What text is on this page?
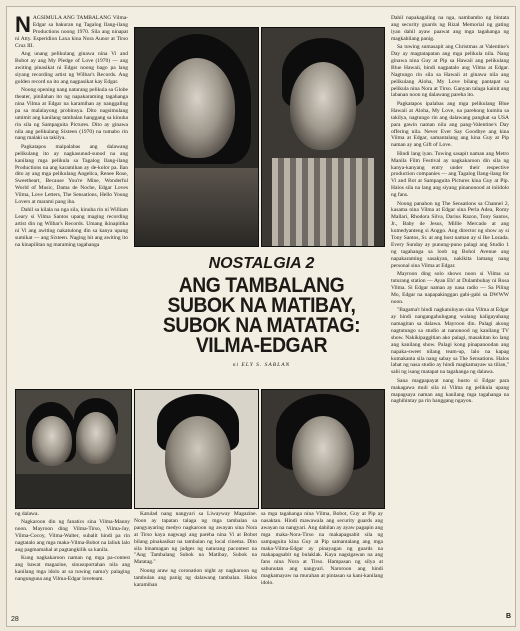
NAGSIMULA ANG TAMBALANG Vilma-Edgar sa bakuran ng Tagalog Ilang-ilang Productions noong 1970. Sila ang ninapat ni Atty. Esperidion Laxa kina Nora Aunor at Tirso Cruz III.

Ang unang pelikulang ginawa nina Vi and Bobot ay ang My Pledge of Love (1970) — ang awiting pinasikat ni Edgar noong bago pa lang siyang recording artist ng Wilbar's Records. Ang golden record na ito ang nagpasikat kay Edgar.

Noong opening nang naturang pelikula sa Globe theater, pinilahan ito ng napakaraming tagahanga nina Vilma at Edgar na karamihan ay nanggaling pa sa malalayong probinsya. Dito nagsimulang umimit ang kanilang tambalan hanggang sa kinuha rin sila ng Sampaguita Pictures. Dito ay ginawa nila ang pelikulang Sixteen (1970) na tumabo rin nang malaki sa takilya.

Pagkatapos maipalabas ang dalawang pelikulang ito ay nagkasunud-sunod na ang kanilang mga pelikula sa Tagalog Ilang-ilang Productions na ang karamihan ay de-kolor pa. Ilan dito ay ang mga pelikulang Angelica, Renee Rose, Sweetheart, Because You're Mine, Wonderful World of Music, Dama de Noche, Edgar Loves Vilma, Love Letters, The Sensations, Hello Young Lovers at marami pang iba.

Dahil sa kilala na nga sila, kinuha rin ni William Leary si Vilma Santos upang maging recording artist din ng Wilbar's Records. Umang ikinapitika ni Vi ang awiting nakatulong din sa kanya upang sumikat — ang Sixteen. Naging hit ang awiting ito na kinapilitan ng maraming tagahanga

NOSTALGIA 2
ANG TAMBALANG
SUBOK NA MATIBAY,
SUBOK NA MATATAG:
VILMA-EDGAR
ni ELY S. SABLAN

Dahil napakagaling na nga, nambambo ng bintata ang security guards ng Rizal Memorial ng gating iyan dahil ayaw paawat ang mga tagahanga ng magkabilang panig.

Sa tuwing sumasapit ang Christmas at Valentine's Day ay magtatapatan ang mga pelikula nila. Nang ginawa nina Guy at Pip sa Hawaii ang pelikulang Blue Hawaii, hindi nagpatalo ang Vilma at Edgar. Nagtungo rin sila sa Hawaii at ginawa nila ang pelikulang Aloha, My Love bilang pantapat sa pelikula nina Nora at Tirso. Ganyan talaga kainit ang labanan noon ng dalawang pareha ito.

Pagkatapos ipalabas ang mga pelikulang Blue Hawaii at Aloha, My Love, na parehong kumita sa takilya, nagtungo rin ang dalawang pangkat sa USA para gawin naman nila ang pang-Valentine's Day offering nila. Never Ever Say Goodbye ang kina Vilma at Edgar, samantalang ang kina Guy at Pip naman ay ang Gift of Love.

Hindi lang iyan. Tuwing sasapit naman ang Metro Manila Film Festival ay nagkakaroon din sila ng kanya-kanyang entry under their respective production companies — ang Tagalog Ilang-ilang for Vi and Bot at Sampaguita Pictures kina Guy at Pip. Halos sila na lang ang siyang pinanonood at iniidolo ng fans.

Noong panahon ng The Sensations sa Channel 2, kasama nina Vilma at Edgar sina Perla Adea, Romy Mallari, Rhodora Silva, Darius Razon, Tony Santos, Jr., Baby de Jesus, Millie Mercado at ang kumedyanteng si Anggo. Ang director ng show ay si Tony Santos, Sr. at ang host naman ay si Ike Lozada. Every Sunday ay punung-puno palagi ang Studio 1 ng tagahanga sa loob ng Bohol Avenue ang napakaraming sasakyan, nakikita lamang nang personal sina Vilma at Edgar.

Mayroon ding solo shows noon si Vilma sa tuturang station — Ayan Eh! at Dulambuhay ni Rosa Vilma. Si Edgar naman ay nasa radio — Sa Piling Mo, Edgar na napapakinggan gabi-gabi sa DWWW noon.

"Bagama't hindi nagkatuluyan sina Vilma at Edgar ay hindi nangangahulugang walang kaligayahang namagitan sa dalawa. Mayroon din. Palagi akong nagtutungo sa studio at nanonood ng kanilang TV show. Nakikipaggitian ako palagi, masakitan ko lang ang kanilang show. Palagi kong pinapanoodan ang napaka-sweet nilang team-up, lalo na kapag kumakanta sila nang sabay sa The Sensations. Halos lahat ng nasa studio ay hindi magkamayaw sa tilian," sabi ng isang matapat na tagahanga ng dalawa.

Sana magpapayat nang husto si Edgar para makagawa muli sila ni Vilma ng pelikula upang mapagsaya naman ang kanilang mga tagahanga na naghihintay pa rin hanggang ngayon.

ng dalawa.

Nagkaroon din ng fanatics sina Vilma-Manny noon. Mayroon ding Vilma-Tirso, Vilma-Jay, Vilma-Cocoy, Vilma-Walter, subalit hindi pa rin nagtatalo ang mga maka-Vilma-Bobot na laliuk lalo ang pagmamahal at pagtangkilik sa kanila.

Kung nagkakaroon naman ng mga pa-contest ang bawat magazine, sinusuportahan nila ang kanilang mga idolo at sa tuwing nama'y palaging nangunguna ang Vilma-Edgar loveteam.

Katulad nang nangyari sa Liwayway Magazine. Noon ay tapatan talaga ng mga tambalan sa pangyayaring medyo nagkaroon ng awayan sina Nora at Tirso kaya nagwagi ang pareha nina Vi at Bobot bilang pinakasikat na tambalan ng local cinema. Dito sila binamagan ng judges ng naturang pacontest na "Ang Tambalang Subok na Matibay, Subok na Matatag."

Noong araw ng coronation night ay nagkaroon ng tambulan ang panig ng dalawang tambalan. Halos karamihan

sa mga tagahanga nina Vilma, Bobot, Guy at Pip ay nasaktan. Hindi mawawala ang security guards ang awayan na nangyari. Ang dahilan ay ayaw pagapin ang mga maka-Nora-Tirso na makapagsabit sila ng sampaguita kina Guy at Pip samantalang ang mga maka-Vilma-Edgar ay pinayagan ng guards na makapagsabit ng bulaklak. Kaya nagsigawan na ang fans nina Nora at Tirso. Hampasan ng silya at sabunutan ang nangyari. Naroroon ang hindi magkamayaw na murahan at pintasan sa kani-kanilang idolo.

28	B
